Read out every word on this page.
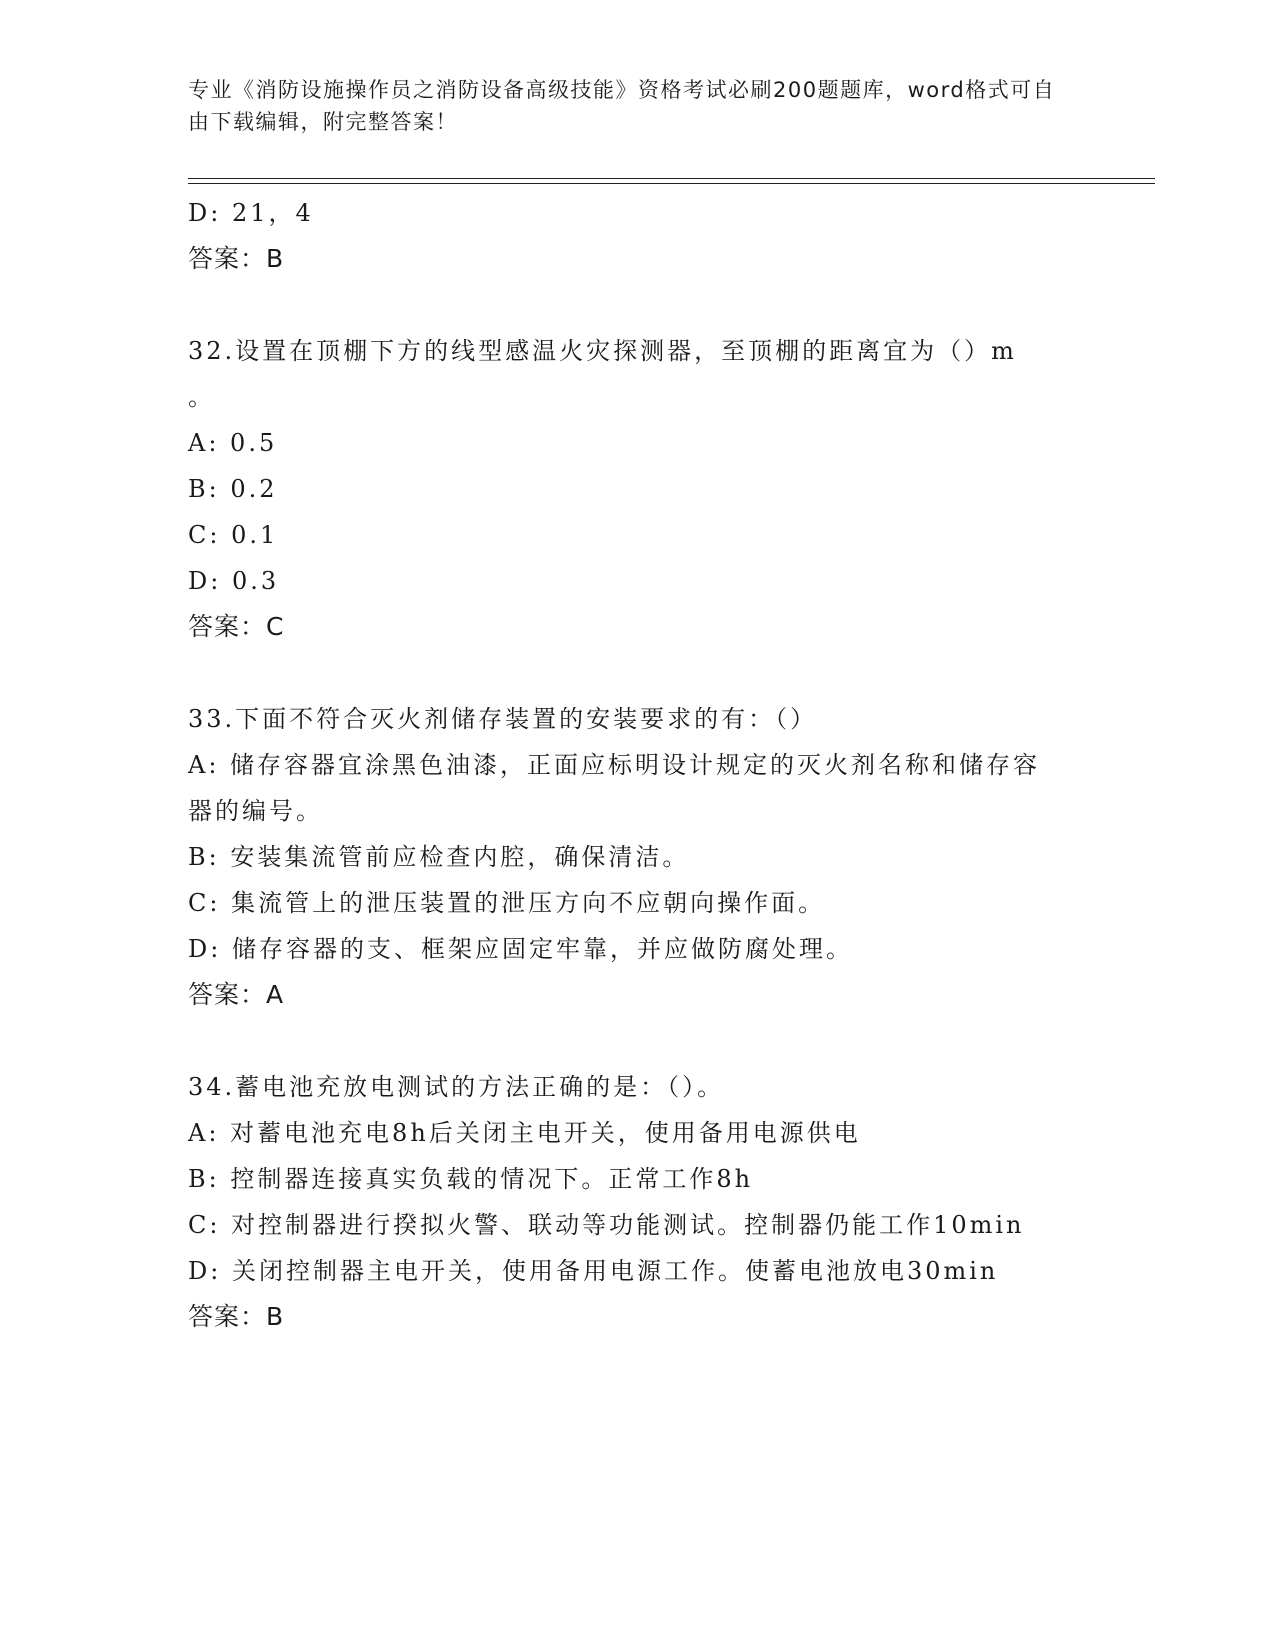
专业《消防设施操作员之消防设备高级技能》资格考试必刷200题题库，word格式可自由下载编辑，附完整答案！
D: 21，4
答案：B
32.设置在顶棚下方的线型感温火灾探测器，至顶棚的距离宜为（）m
。
A: 0.5
B: 0.2
C: 0.1
D: 0.3
答案：C
33.下面不符合灭火剂储存装置的安装要求的有：（）
A: 储存容器宜涂黑色油漆，正面应标明设计规定的灭火剂名称和储存容器的编号。
B: 安装集流管前应检查内腔，确保清洁。
C: 集流管上的泄压装置的泄压方向不应朝向操作面。
D: 储存容器的支、框架应固定牢靠，并应做防腐处理。
答案：A
34.蓄电池充放电测试的方法正确的是：（）。
A: 对蓄电池充电8h后关闭主电开关，使用备用电源供电
B: 控制器连接真实负载的情况下。正常工作8h
C: 对控制器进行揆拟火警、联动等功能测试。控制器仍能工作10min
D: 关闭控制器主电开关，使用备用电源工作。使蓄电池放电30min
答案：B
